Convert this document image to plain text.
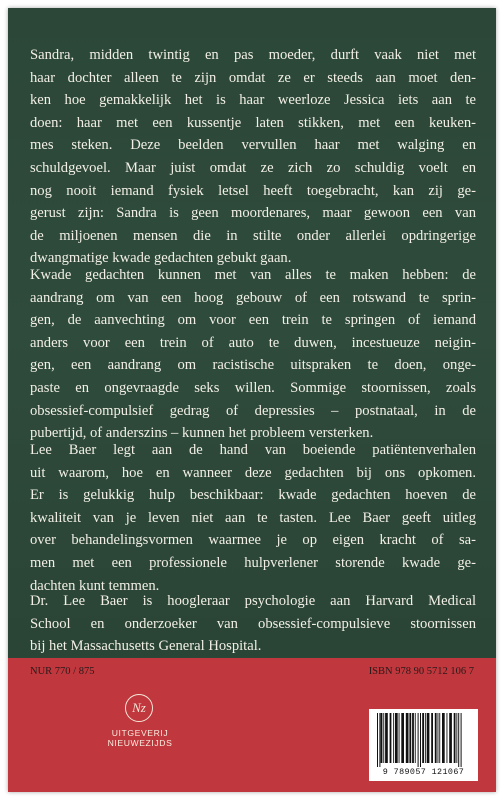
Sandra, midden twintig en pas moeder, durft vaak niet met
haar dochter alleen te zijn omdat ze er steeds aan moet den-
ken hoe gemakkelijk het is haar weerloze Jessica iets aan te
doen: haar met een kussentje laten stikken, met een keuken-
mes steken. Deze beelden vervullen haar met walging en
schuldgevoel. Maar juist omdat ze zich zo schuldig voelt en
nog nooit iemand fysiek letsel heeft toegebracht, kan zij ge-
gerust zijn: Sandra is geen moordenares, maar gewoon een van
de miljoenen mensen die in stilte onder allerlei opdringerige
dwangmatige kwade gedachten gebukt gaan.
Kwade gedachten kunnen met van alles te maken hebben: de
aandrang om van een hoog gebouw of een rotswand te sprin-
gen, de aanvechting om voor een trein te springen of iemand
anders voor een trein of auto te duwen, incestueuze neigin-
gen, een aandrang om racistische uitspraken te doen, onge-
paste en ongevraagde seks willen. Sommige stoornissen, zoals
obsessief-compulsief gedrag of depressies – postnataal, in de
pubertijd, of anderszins – kunnen het probleem versterken.
Lee Baer legt aan de hand van boeiende patiëntenverhalen
uit waarom, hoe en wanneer deze gedachten bij ons opkomen.
Er is gelukkig hulp beschikbaar: kwade gedachten hoeven de
kwaliteit van je leven niet aan te tasten. Lee Baer geeft uitleg
over behandelingsvormen waarmee je op eigen kracht of sa-
men met een professionele hulpverlener storende kwade ge-
dachten kunt temmen.
Dr. Lee Baer is hoogleraar psychologie aan Harvard Medical
School en onderzoeker van obsessief-compulsieve stoornissen
bij het Massachusetts General Hospital.
NUR 770 / 875	ISBN 978 90 5712 106 7
Nz
UITGEVERIJ NIEUWEZIJDS
9 789057 121067
